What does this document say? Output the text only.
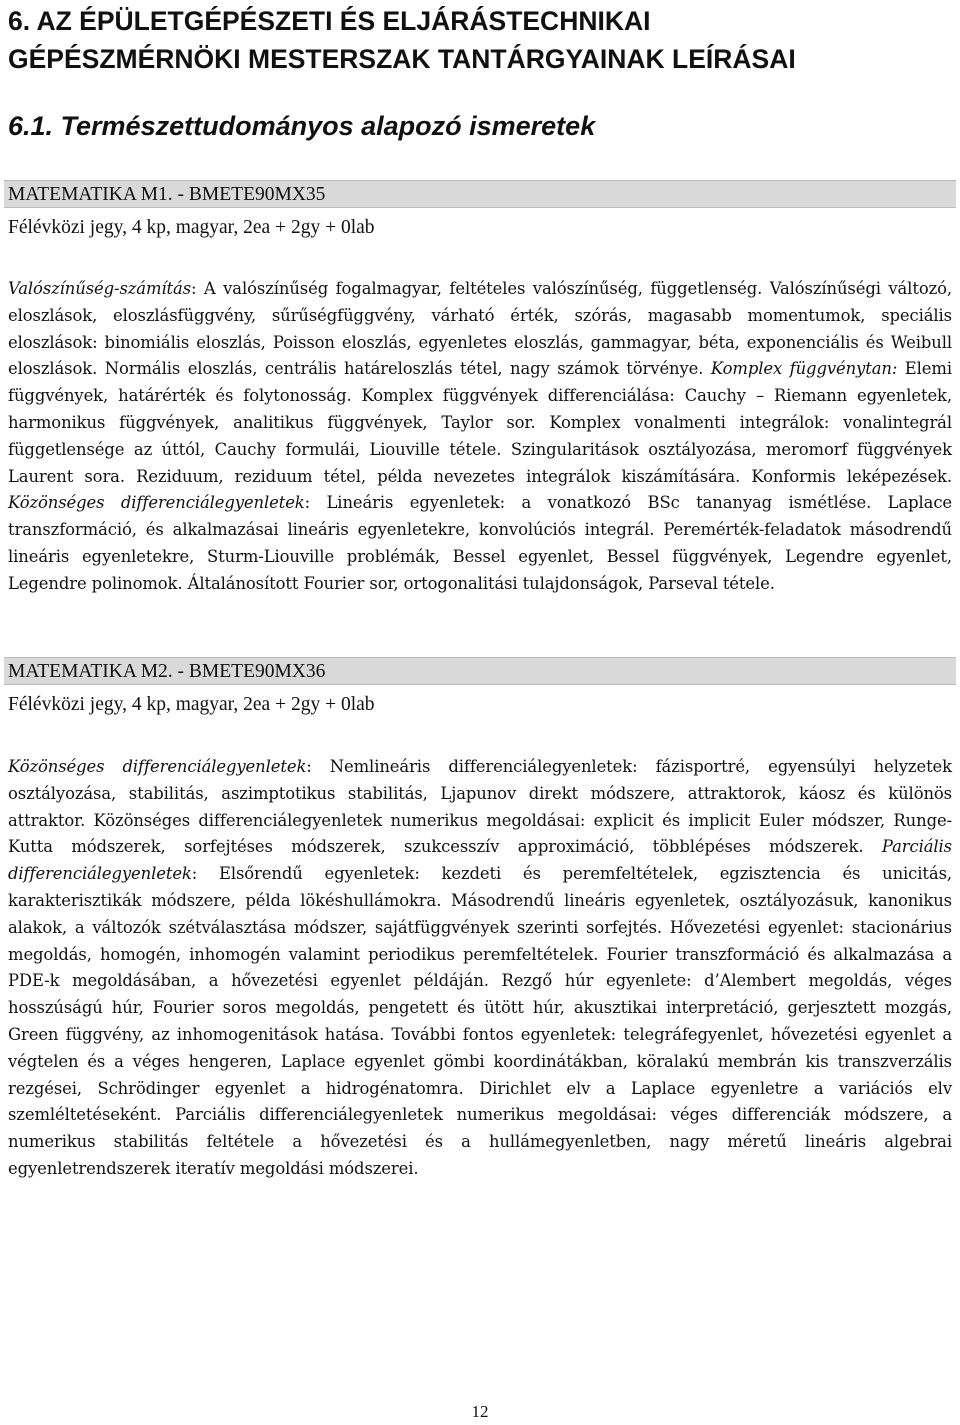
6. AZ ÉPÜLETGÉPÉSZETI ÉS ELJÁRÁSTECHNIKAI
GÉPÉSZMÉRNÖKI MESTERSZAK TANTÁRGYAINAK LEÍRÁSAI
6.1. Természettudományos alapozó ismeretek
MATEMATIKA M1. - BMETE90MX35
Félévközi jegy, 4 kp, magyar, 2ea + 2gy + 0lab

Valószínűség-számítás: A valószínűség fogalmagyar, feltételes valószínűség, függetlenség. Valószínűségi változó, eloszlások, eloszlásfüggvény, sűrűségfüggvény, várható érték, szórás, magasabb momentumok, speciális eloszlások: binomiális eloszlás, Poisson eloszlás, egyenletes eloszlás, gammagyar, béta, exponenciális és Weibull eloszlások. Normális eloszlás, centrális határeloszlás tétel, nagy számok törvénye. Komplex függvénytan: Elemi függvények, határérték és folytonosság. Komplex függvények differenciálása: Cauchy – Riemann egyenletek, harmonikus függvények, analitikus függvények, Taylor sor. Komplex vonalmenti integrálok: vonalintegrál függetlensége az úttól, Cauchy formulái, Liouville tétele. Szingularitások osztályozása, meromorf függvények Laurent sora. Reziduum, reziduum tétel, példa nevezetes integrálok kiszámítására. Konformis leképezések. Közönséges differenciálegyenletek: Lineáris egyenletek: a vonatkozó BSc tananyag ismétlése. Laplace transzformáció, és alkalmazásai lineáris egyenletekre, konvolúciós integrál. Peremérték-feladatok másodrendű lineáris egyenletekre, Sturm-Liouville problémák, Bessel egyenlet, Bessel függvények, Legendre egyenlet, Legendre polinomok. Általánosított Fourier sor, ortogonalitási tulajdonságok, Parseval tétele.

MATEMATIKA M2. - BMETE90MX36
Félévközi jegy, 4 kp, magyar, 2ea + 2gy + 0lab

Közönséges differenciálegyenletek: Nemlineáris differenciálegyenletek: fázisportré, egyensúlyi helyzetek osztályozása, stabilitás, aszimptotikus stabilitás, Ljapunov direkt módszere, attraktorok, káosz és különös attraktor. Közönséges differenciálegyenletek numerikus megoldásai: explicit és implicit Euler módszer, Runge-Kutta módszerek, sorfejtéses módszerek, szukcesszív approximáció, többlépéses módszerek. Parciális differenciálegyenletek: Elsőrendű egyenletek: kezdeti és peremfeltételek, egzisztencia és unicitás, karakterisztikák módszere, példa lökéshullámokra. Másodrendű lineáris egyenletek, osztályozásuk, kanonikus alakok, a változók szétválasztása módszer, sajátfüggvények szerinti sorfejtés. Hővezetési egyenlet: stacionárius megoldás, homogén, inhomogén valamint periodikus peremfeltételek. Fourier transzformáció és alkalmazása a PDE-k megoldásában, a hővezetési egyenlet példáján. Rezgő húr egyenlete: d’Alembert megoldás, véges hosszúságú húr, Fourier soros megoldás, pengetett és ütött húr, akusztikai interpretáció, gerjesztett mozgás, Green függvény, az inhomogenitások hatása. További fontos egyenletek: telegráfegyenlet, hővezetési egyenlet a végtelen és a véges hengeren, Laplace egyenlet gömbi koordinátákban, köralakú membrán kis transzverzális rezgései, Schrödinger egyenlet a hidrogénatomra. Dirichlet elv a Laplace egyenletre a variációs elv szemléltetéseként. Parciális differenciálegyenletek numerikus megoldásai: véges differenciák módszere, a numerikus stabilitás feltétele a hővezetési és a hullámegyenletben, nagy méretű lineáris algebrai egyenletrendszerek iteratív megoldási módszerei.

12
